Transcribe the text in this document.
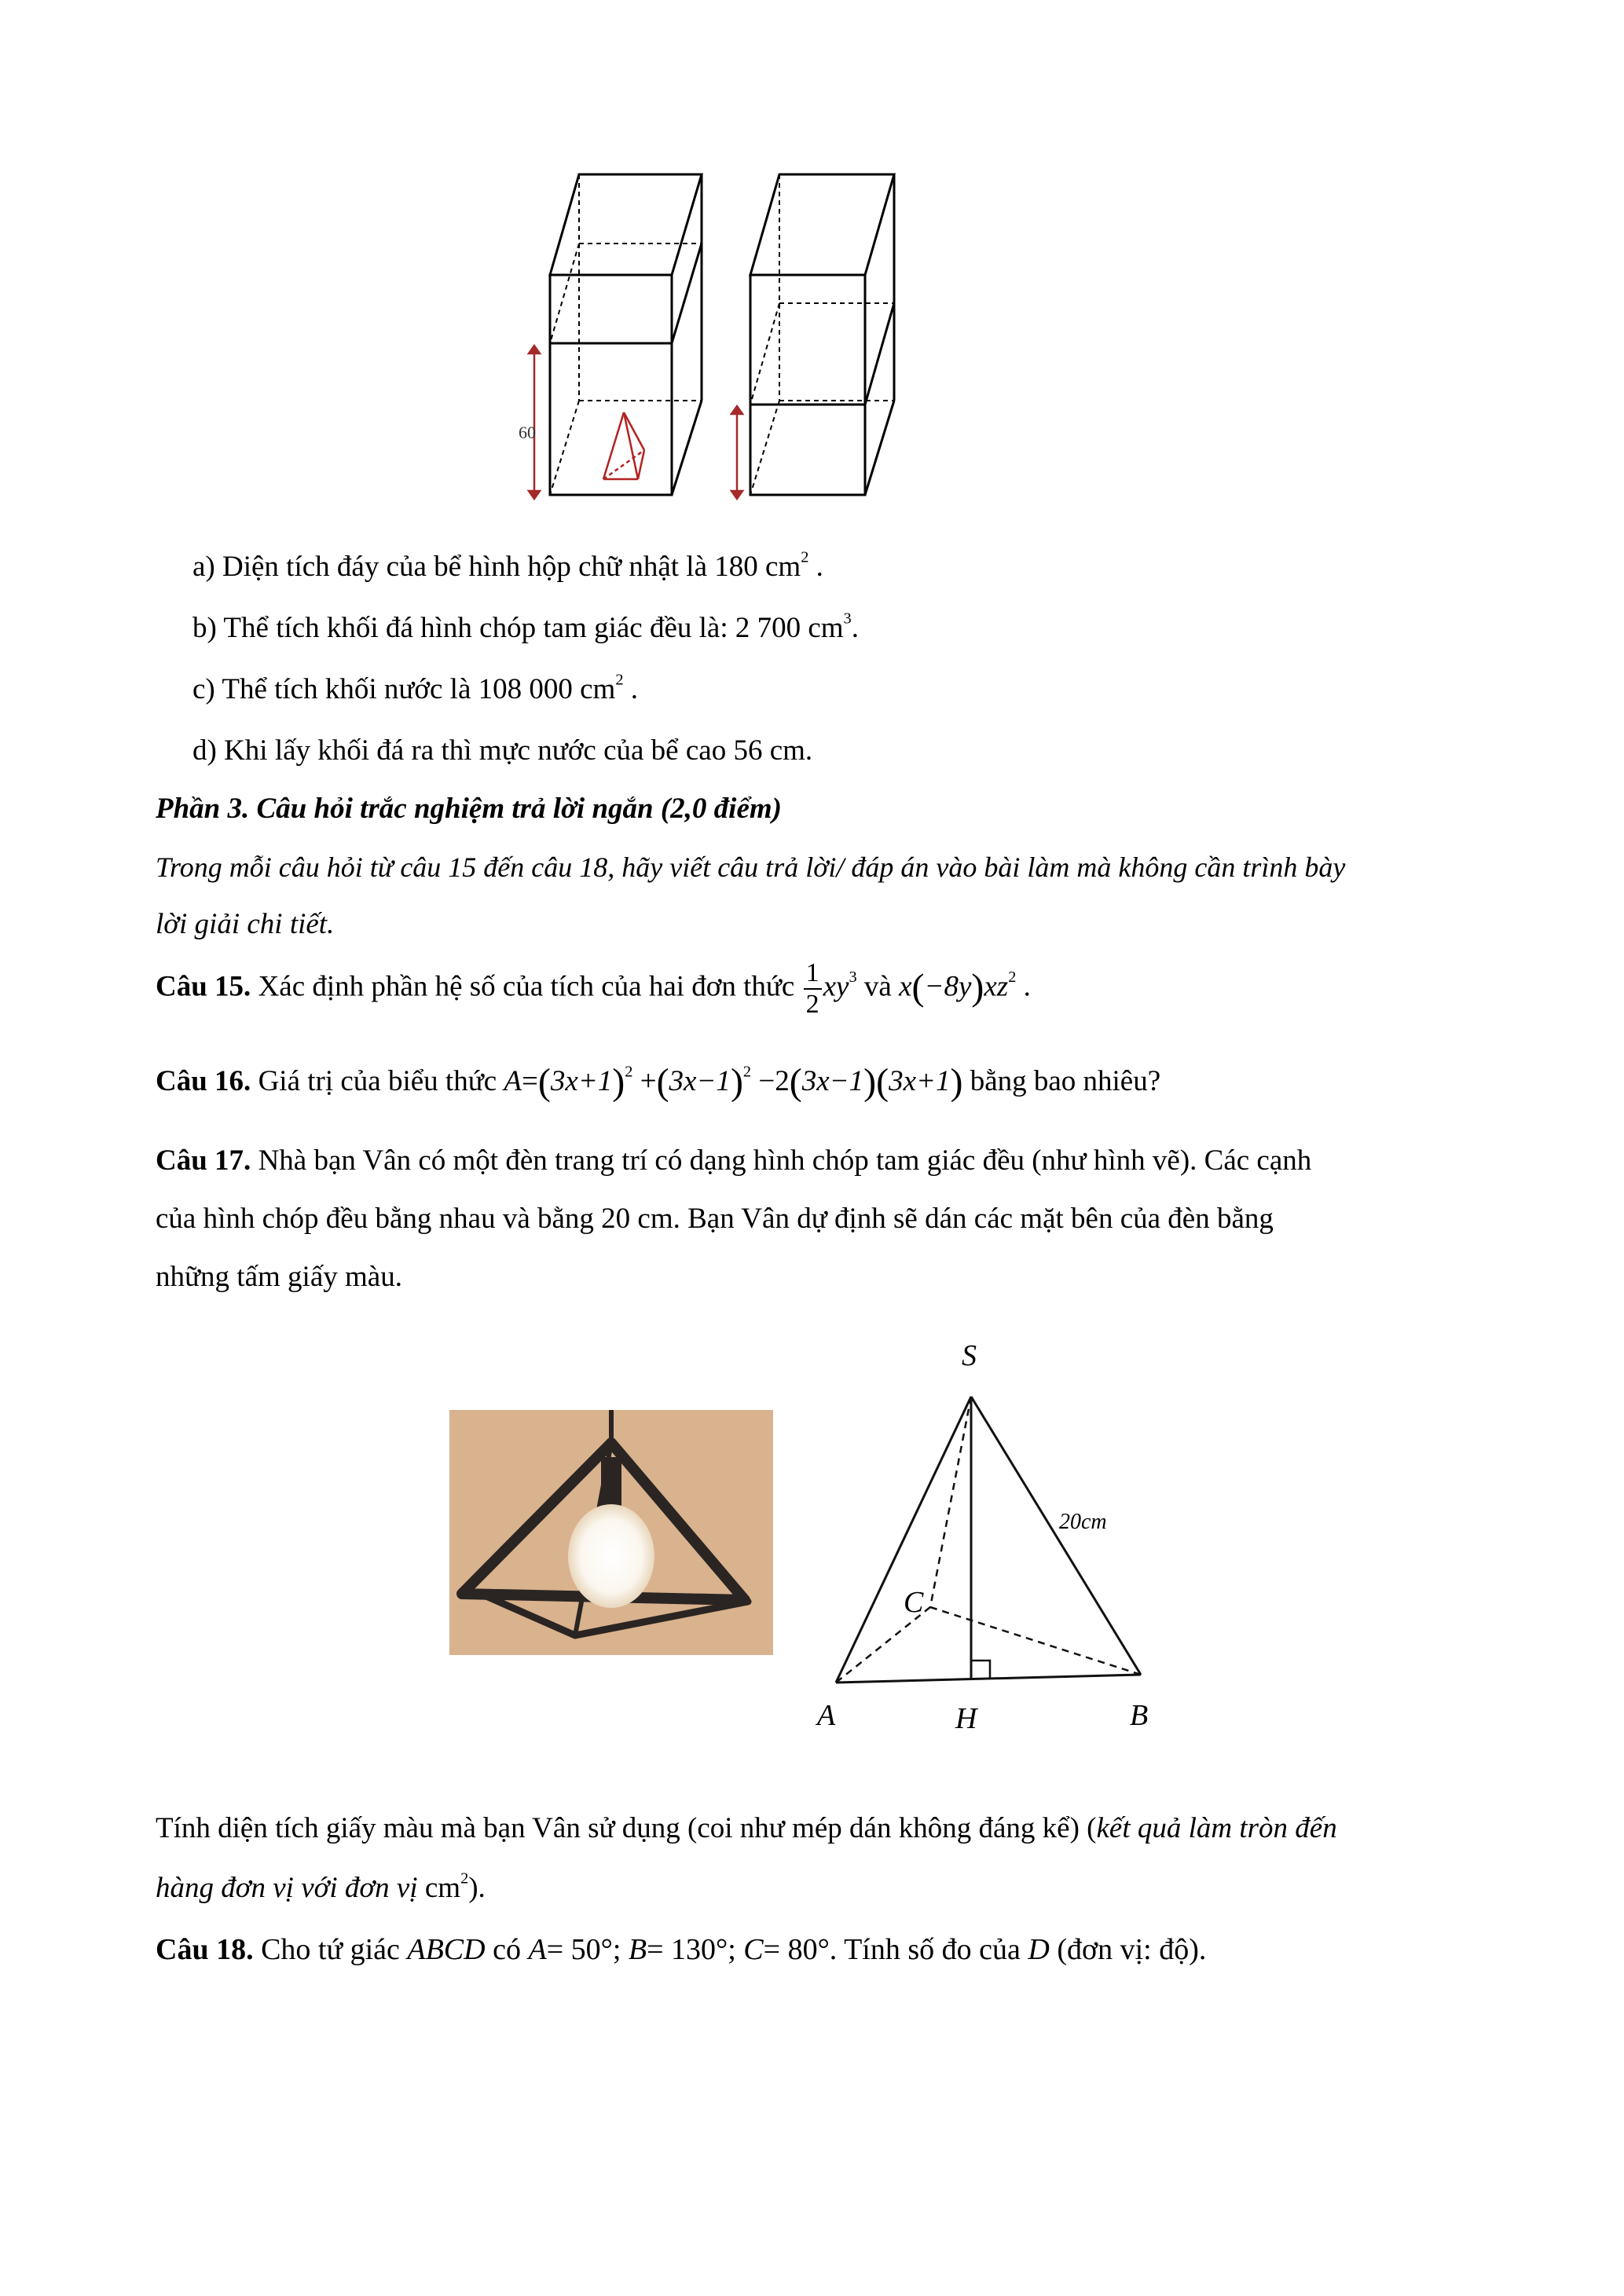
60
a) Diện tích đáy của bể hình hộp chữ nhật là 180 $cm^2$ .
b) Thể tích khối đá hình chóp tam giác đều là: 2 700 $cm^3$.
c) Thể tích khối nước là 108 000 $cm^2$ .
d) Khi lấy khối đá ra thì mực nước của bể cao 56 cm.
Phần 3. Câu hỏi trắc nghiệm trả lời ngắn (2,0 điểm)
Trong mỗi câu hỏi từ câu 15 đến câu 18, hãy viết câu trả lời/ đáp án vào bài làm mà không cần trình bày
lời giải chi tiết.
Câu 15. Xác định phần hệ số của tích của hai đơn thức $\frac{1}{2} xy^3$ và $x(-8y)xz^2$ .
Câu 16. Giá trị của biểu thức $A=(3x+1)^2 +(3x-1)^2 -2(3x-1)(3x+1)$ bằng bao nhiêu?
Câu 17. Nhà bạn Vân có một đèn trang trí có dạng hình chóp tam giác đều (như hình vẽ). Các cạnh
của hình chóp đều bằng nhau và bằng 20 cm. Bạn Vân dự định sẽ dán các mặt bên của đèn bằng
những tấm giấy màu.
S
A	H	B
C
20cm
Tính diện tích giấy màu mà bạn Vân sử dụng (coi như mép dán không đáng kể) (kết quả làm tròn đến
hàng đơn vị với đơn vị $cm^2$).
Câu 18. Cho tứ giác ABCD có A= 50°; B= 130°; C= 80°. Tính số đo của D (đơn vị: độ).
